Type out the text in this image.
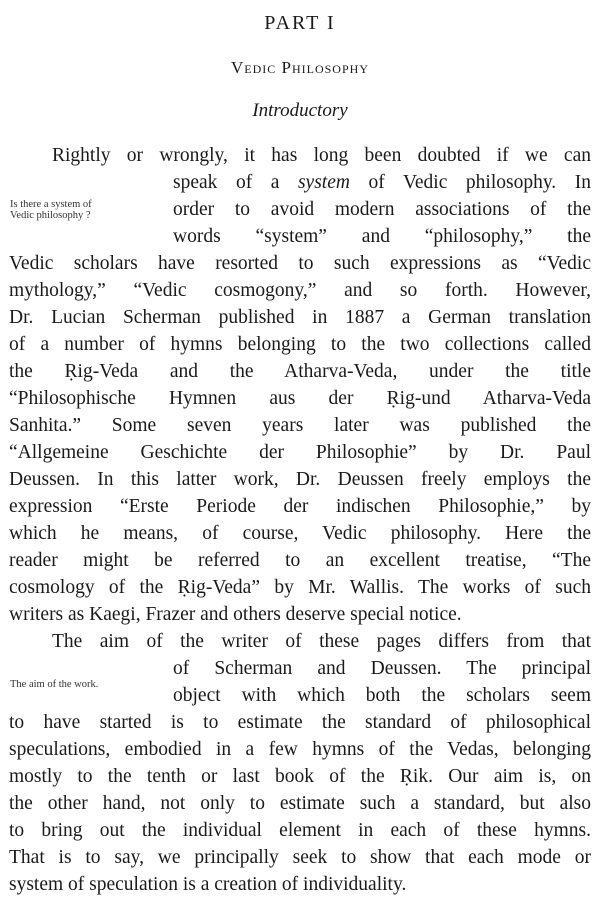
PART I
Vedic Philosophy
Introductory
Is there a system of
Vedic philosophy ?
The aim of the work.
Rightly or wrongly, it has long been doubted if we can
speak of a system of Vedic philosophy. In
order to avoid modern associations of the
words “system” and “philosophy,” the
Vedic scholars have resorted to such expressions as “Vedic
mythology,” “Vedic cosmogony,” and so forth. However,
Dr. Lucian Scherman published in 1887 a German translation
of a number of hymns belonging to the two collections called
the Ṛig-Veda and the Atharva-Veda, under the title
“Philosophische Hymnen aus der Ṛig-und Atharva-Veda
Sanhita.” Some seven years later was published the
“Allgemeine Geschichte der Philosophie” by Dr. Paul
Deussen. In this latter work, Dr. Deussen freely employs the
expression “Erste Periode der indischen Philosophie,” by
which he means, of course, Vedic philosophy. Here the
reader might be referred to an excellent treatise, “The
cosmology of the Ṛig-Veda” by Mr. Wallis. The works of such
writers as Kaegi, Frazer and others deserve special notice.
The aim of the writer of these pages differs from that
of Scherman and Deussen. The principal
object with which both the scholars seem
to have started is to estimate the standard of philosophical
speculations, embodied in a few hymns of the Vedas, belonging
mostly to the tenth or last book of the Ṛik. Our aim is, on
the other hand, not only to estimate such a standard, but also
to bring out the individual element in each of these hymns.
That is to say, we principally seek to show that each mode or
system of speculation is a creation of individuality.
